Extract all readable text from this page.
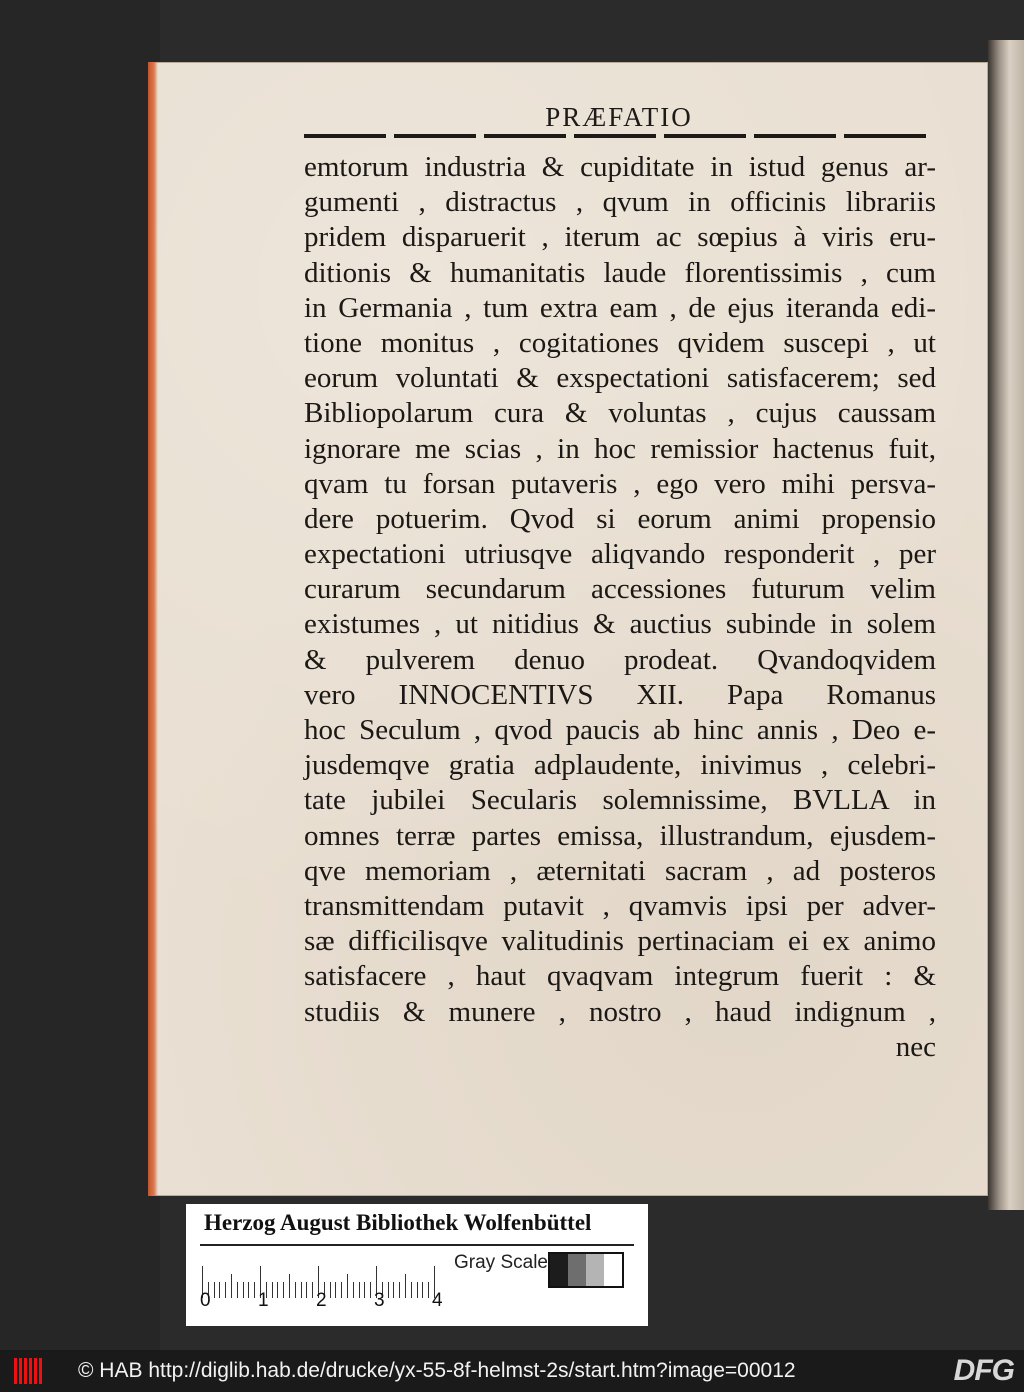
PRÆFATIO
emtorum industria & cupiditate in istud genus ar-
gumenti , distractus , qvum in officinis librariis
pridem disparuerit , iterum ac sœpius à viris eru-
ditionis & humanitatis laude florentissimis , cum
in Germania , tum extra eam , de ejus iteranda edi-
tione monitus , cogitationes qvidem suscepi , ut
eorum voluntati & exspectationi satisfacerem; sed
Bibliopolarum cura & voluntas , cujus caussam
ignorare me scias , in hoc remissior hactenus fuit,
qvam tu forsan putaveris , ego vero mihi persva-
dere potuerim. Qvod si eorum animi propensio
expectationi utriusqve aliqvando responderit , per
curarum secundarum accessiones futurum velim
existumes , ut nitidius & auctius subinde in solem
& pulverem denuo prodeat. Qvandoqvidem
vero INNOCENTIVS XII. Papa Romanus
hoc Seculum , qvod paucis ab hinc annis , Deo e-
jusdemqve gratia adplaudente, inivimus , celebri-
tate jubilei Secularis solemnissime, BVLLA in
omnes terræ partes emissa, illustrandum, ejusdem-
qve memoriam , æternitati sacram , ad posteros
transmittendam putavit , qvamvis ipsi per adver-
sæ difficilisqve valitudinis pertinaciam ei ex animo
satisfacere , haut qvaqvam integrum fuerit : &
studiis & munere , nostro , haud indignum ,
nec
Herzog August Bibliothek Wolfenbüttel
Gray Scale
0 1 2 3 4
© HAB http://diglib.hab.de/drucke/yx-55-8f-helmst-2s/start.htm?image=00012	DFG
